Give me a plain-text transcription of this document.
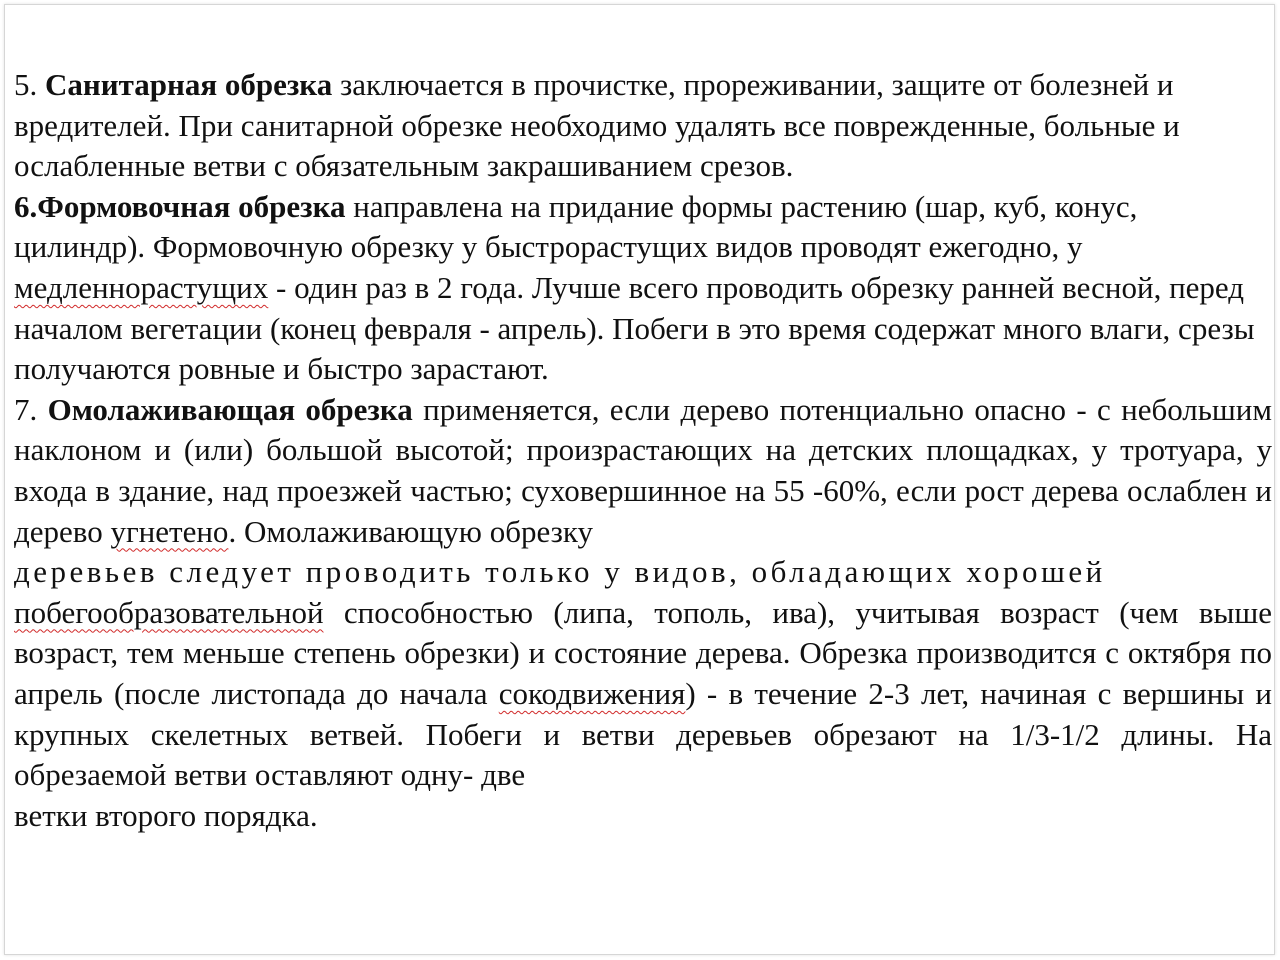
5. Санитарная обрезка заключается в прочистке, прореживании, защите от болезней и вредителей. При санитарной обрезке необходимо удалять все поврежденные, больные и ослабленные ветви с обязательным закрашиванием срезов.

6.Формовочная обрезка направлена на придание формы растению (шар, куб, конус, цилиндр). Формовочную обрезку у быстрорастущих видов проводят ежегодно, у медленнорастущих - один раз в 2 года. Лучше всего проводить обрезку ранней весной, перед началом вегетации (конец февраля - апрель). Побеги в это время содержат много влаги, срезы получаются ровные и быстро зарастают.

7. Омолаживающая обрезка применяется, если дерево потенциально опасно - с небольшим наклоном и (или) большой высотой; произрастающих на детских площадках, у тротуара, у входа в здание, над проезжей частью; суховершинное на 55 -60%, если рост дерева ослаблен и дерево угнетено. Омолаживающую обрезку

деревьев следует проводить только у видов, обладающих хорошей

побегообразовательной способностью (липа, тополь, ива), учитывая возраст (чем выше возраст, тем меньше степень обрезки) и состояние дерева. Обрезка производится с октября по апрель (после листопада до начала сокодвижения) - в течение 2-3 лет, начиная с вершины и крупных скелетных ветвей. Побеги и ветви деревьев обрезают на 1/3-1/2 длины. На обрезаемой ветви оставляют одну- две

ветки второго порядка.
